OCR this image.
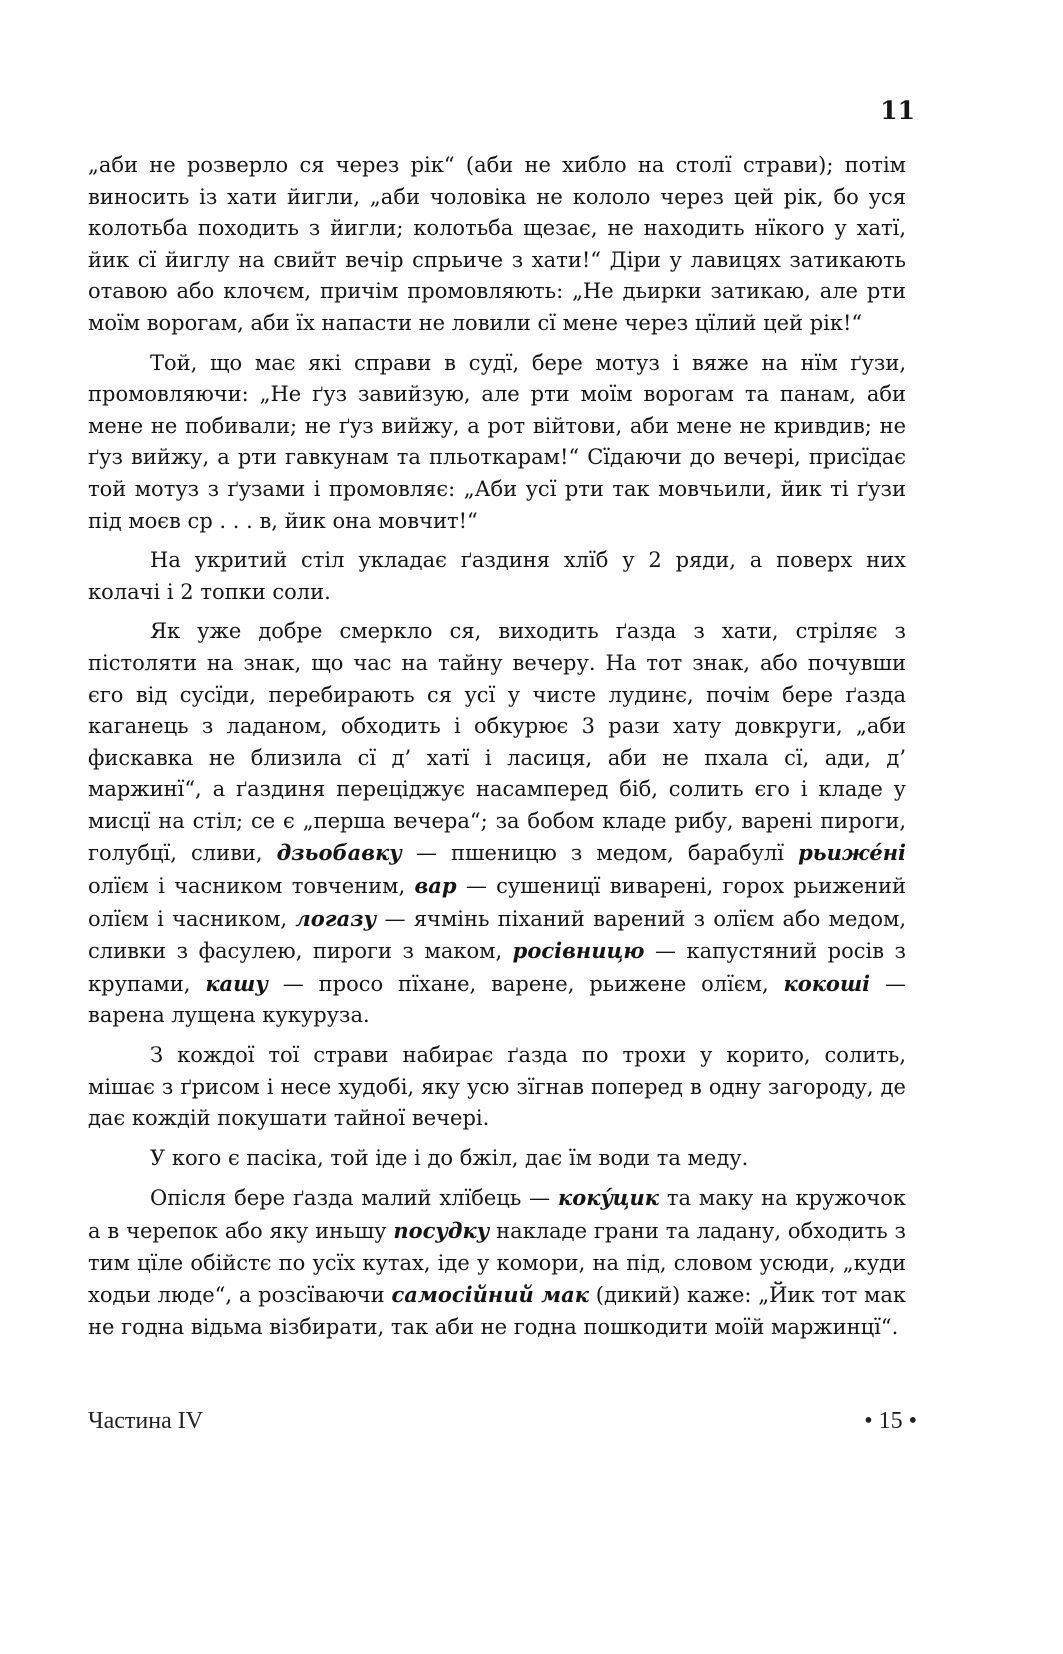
11

„аби не розверло ся через рік“ (аби не хибло на столї страви); потім виносить із хати йигли, „аби чоловіка не кололо через цей рік, бо уся колотьба походить з йигли; колотьба щезає, не находить нїкого у хатї, йик сї йиглу на свийт вечір спрьиче з хати!“ Діри у лавицях затикають отавою або клочєм, причім промовляють: „Не дьирки затикаю, але рти моїм ворогам, аби їх напасти не ловили сї мене через цїлий цей рік!“

Той, що має які справи в судї, бере мотуз і вяже на нїм ґузи, промовляючи: „Не ґуз завийзую, але рти моїм ворогам та панам, аби мене не побивали; не ґуз вийжу, а рот війтови, аби мене не кривдив; не ґуз вийжу, а рти гавкунам та пльоткарам!“ Сїдаючи до вечері, присїдає той мотуз з ґузами і промовляє: „Аби усї рти так мовчьили, йик ті ґузи під моєв ср . . . в, йик она мовчит!“

На укритий стіл укладає ґаздиня хлїб у 2 ряди, а поверх них колачі і 2 топки соли.

Як уже добре смеркло ся, виходить ґазда з хати, стріляє з пістоляти на знак, що час на тайну вечеру. На тот знак, або почувши єго від сусїди, перебирають ся усї у чисте лудинє, почім бере ґазда каганець з ладаном, обходить і обкурює 3 рази хату довкруги, „аби фискавка не близила сї д’ хатї і ласиця, аби не пхала сї, ади, д’ маржинї“, а ґаздиня переціджує насамперед біб, солить єго і кладе у мисцї на стіл; се є „перша вечера“; за бобом кладе рибу, варені пироги, голубцї, сливи, дзьобавку — пшеницю з медом, барабулї рьижéні олїєм і часником товченим, вар — сушеницї виварені, горох рьижений олїєм і часником, логазу — ячмінь піханий варений з олїєм або медом, сливки з фасулею, пироги з маком, росівницю — капустяний росів з крупами, кашу — просо пїхане, варене, рьижене олїєм, кокоші — варена лущена кукуруза.

З кождої тої страви набирає ґазда по трохи у корито, солить, мішає з ґрисом і несе худобі, яку усю зїгнав поперед в одну загороду, де дає кождій покушати тайної вечері.

У кого є пасіка, той іде і до бжіл, дає їм води та меду.

Опісля бере ґазда малий хлїбець — кокýцик та маку на кружочок а в черепок або яку иньшу посудку накладе грани та ладану, обходить з тим цїле обійстє по усїх кутах, іде у комори, на під, словом усюди, „куди ходьи люде“, а розсїваючи самосійний мак (дикий) каже: „Йик тот мак не годна відьма візбирати, так аби не годна пошкодити моїй маржинцї“.

Частина IV	• 15 •
